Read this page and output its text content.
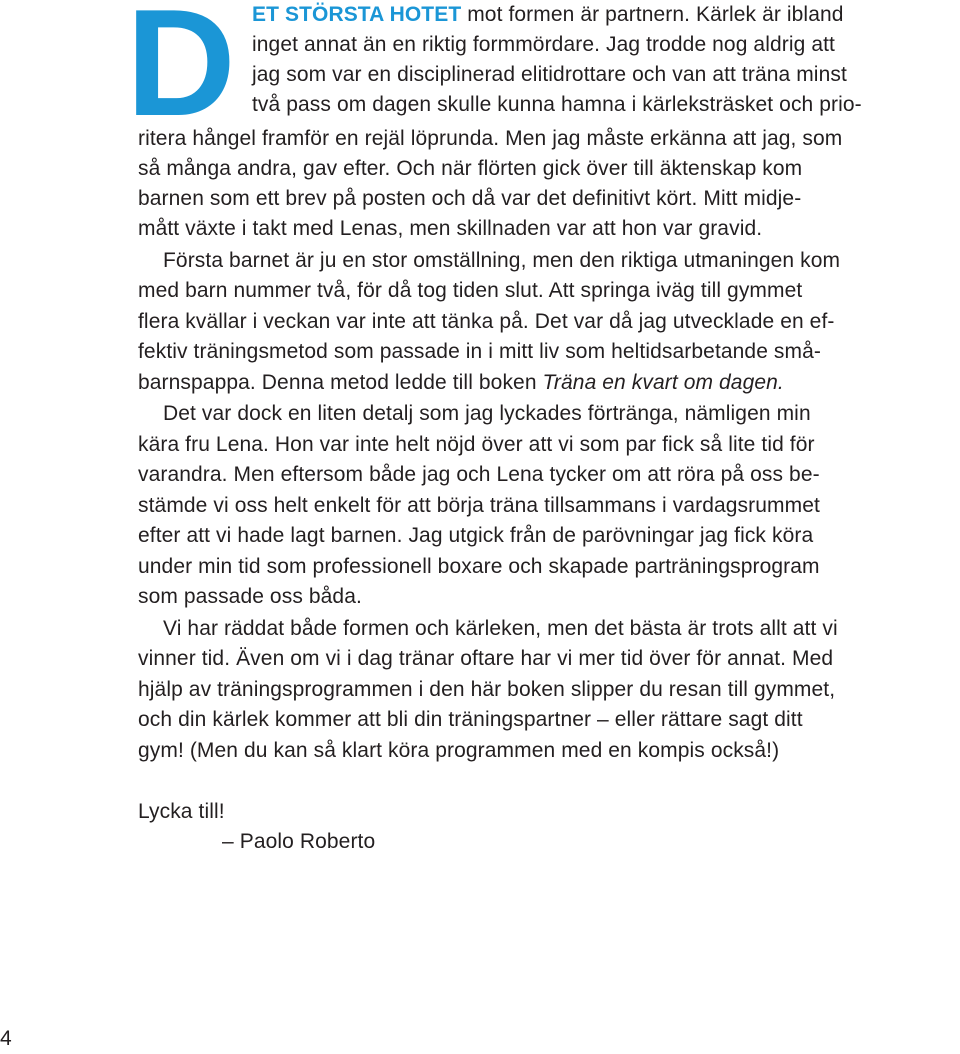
D ET STÖRSTA HOTET mot formen är partnern. Kärlek är ibland
inget annat än en riktig formmördare. Jag trodde nog aldrig att
jag som var en disciplinerad elitidrottare och van att träna minst
två pass om dagen skulle kunna hamna i kärleksträsket och prio-
ritera hångel framför en rejäl löprunda. Men jag måste erkänna att jag, som
så många andra, gav efter. Och när flörten gick över till äktenskap kom
barnen som ett brev på posten och då var det definitivt kört. Mitt midje-
mått växte i takt med Lenas, men skillnaden var att hon var gravid.
Första barnet är ju en stor omställning, men den riktiga utmaningen kom
med barn nummer två, för då tog tiden slut. Att springa iväg till gymmet
flera kvällar i veckan var inte att tänka på. Det var då jag utvecklade en ef-
fektiv träningsmetod som passade in i mitt liv som heltidsarbetande små-
barnspappa. Denna metod ledde till boken Träna en kvart om dagen.
Det var dock en liten detalj som jag lyckades förtränga, nämligen min
kära fru Lena. Hon var inte helt nöjd över att vi som par fick så lite tid för
varandra. Men eftersom både jag och Lena tycker om att röra på oss be-
stämde vi oss helt enkelt för att börja träna tillsammans i vardagsrummet
efter att vi hade lagt barnen. Jag utgick från de parövningar jag fick köra
under min tid som professionell boxare och skapade parträningsprogram
som passade oss båda.
Vi har räddat både formen och kärleken, men det bästa är trots allt att vi
vinner tid. Även om vi i dag tränar oftare har vi mer tid över för annat. Med
hjälp av träningsprogrammen i den här boken slipper du resan till gymmet,
och din kärlek kommer att bli din träningspartner – eller rättare sagt ditt
gym! (Men du kan så klart köra programmen med en kompis också!)
Lycka till!
– Paolo Roberto
4
